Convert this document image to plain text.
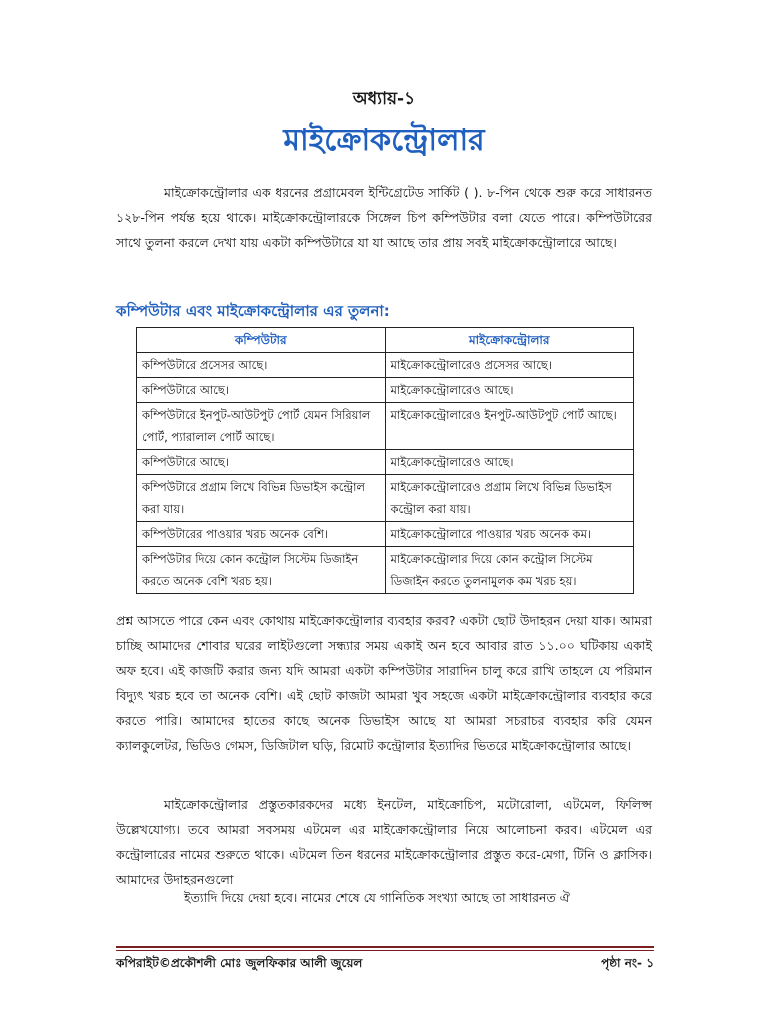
অধ্যায়-১
মাইক্রোকন্ট্রোলার
মাইক্রোকন্ট্রোলার এক ধরনের প্রগ্রামেবল ইন্টিগ্রেটেড সার্কিট ( ). ৮-পিন থেকে শুরু করে সাধারনত ১২৮-পিন পর্যন্ত হয়ে থাকে। মাইক্রোকন্ট্রোলারকে সিঙ্গেল চিপ কম্পিউটার বলা যেতে পারে। কম্পিউটারের সাথে তুলনা করলে দেখা যায় একটা কম্পিউটারে যা যা আছে তার প্রায় সবই মাইক্রোকন্ট্রোলারে আছে।
কম্পিউটার এবং মাইক্রোকন্ট্রোলার এর তুলনা:
কম্পিউটার	মাইক্রোকন্ট্রোলার
কম্পিউটারে প্রসেসর আছে।	মাইক্রোকন্ট্রোলারেও প্রসেসর আছে।
কম্পিউটারে আছে।	মাইক্রোকন্ট্রোলারেও আছে।
কম্পিউটারে ইনপুট-আউটপুট পোর্ট যেমন সিরিয়াল পোর্ট, প্যারালাল পোর্ট আছে।	মাইক্রোকন্ট্রোলারেও ইনপুট-আউটপুট পোর্ট আছে।
কম্পিউটারে আছে।	মাইক্রোকন্ট্রোলারেও আছে।
কম্পিউটারে প্রগ্রাম লিখে বিভিন্ন ডিভাইস কন্ট্রোল করা যায়।	মাইক্রোকন্ট্রোলারেও প্রগ্রাম লিখে বিভিন্ন ডিভাইস কন্ট্রোল করা যায়।
কম্পিউটারের পাওয়ার খরচ অনেক বেশি।	মাইক্রোকন্ট্রোলারে পাওয়ার খরচ অনেক কম।
কম্পিউটার দিয়ে কোন কন্ট্রোল সিস্টেম ডিজাইন করতে অনেক বেশি খরচ হয়।	মাইক্রোকন্ট্রোলার দিয়ে কোন কন্ট্রোল সিস্টেম ডিজাইন করতে তুলনামুলক কম খরচ হয়।
প্রশ্ন আসতে পারে কেন এবং কোথায় মাইক্রোকন্ট্রোলার ব্যবহার করব? একটা ছোট উদাহরন দেয়া যাক। আমরা চাচ্ছি আমাদের শোবার ঘরের লাইটগুলো সন্ধ্যার সময় একাই অন হবে আবার রাত ১১.০০ ঘটিকায় একাই অফ হবে। এই কাজটি করার জন্য যদি আমরা একটা কম্পিউটার সারাদিন চালু করে রাখি তাহলে যে পরিমান বিদ্যুৎ খরচ হবে তা অনেক বেশি। এই ছোট কাজটা আমরা খুব সহজে একটা মাইক্রোকন্ট্রোলার ব্যবহার করে করতে পারি। আমাদের হাতের কাছে অনেক ডিভাইস আছে যা আমরা সচরাচর ব্যবহার করি যেমন ক্যালকুলেটর, ভিডিও গেমস, ডিজিটাল ঘড়ি, রিমোট কন্ট্রোলার ইত্যাদির ভিতরে মাইক্রোকন্ট্রোলার আছে।
মাইক্রোকন্ট্রোলার প্রস্তুতকারকদের মধ্যে ইনটেল, মাইক্রোচিপ, মটোরোলা, এটমেল, ফিলিপ্স উল্লেখযোগ্য। তবে আমরা সবসময় এটমেল এর মাইক্রোকন্ট্রোলার নিয়ে আলোচনা করব। এটমেল এর কন্ট্রোলারের নামের শুরুতে থাকে। এটমেল তিন ধরনের মাইক্রোকন্ট্রোলার প্রস্তুত করে-মেগা, টিনি ও ক্লাসিক। আমাদের উদাহরনগুলো
ইত্যাদি দিয়ে দেয়া হবে। নামের শেষে যে গানিতিক সংখ্যা আছে তা সাধারনত ঐ
কপিরাইট©প্রকৌশলী মোঃ জুলফিকার আলী জুয়েল	পৃষ্ঠা নং- ১
